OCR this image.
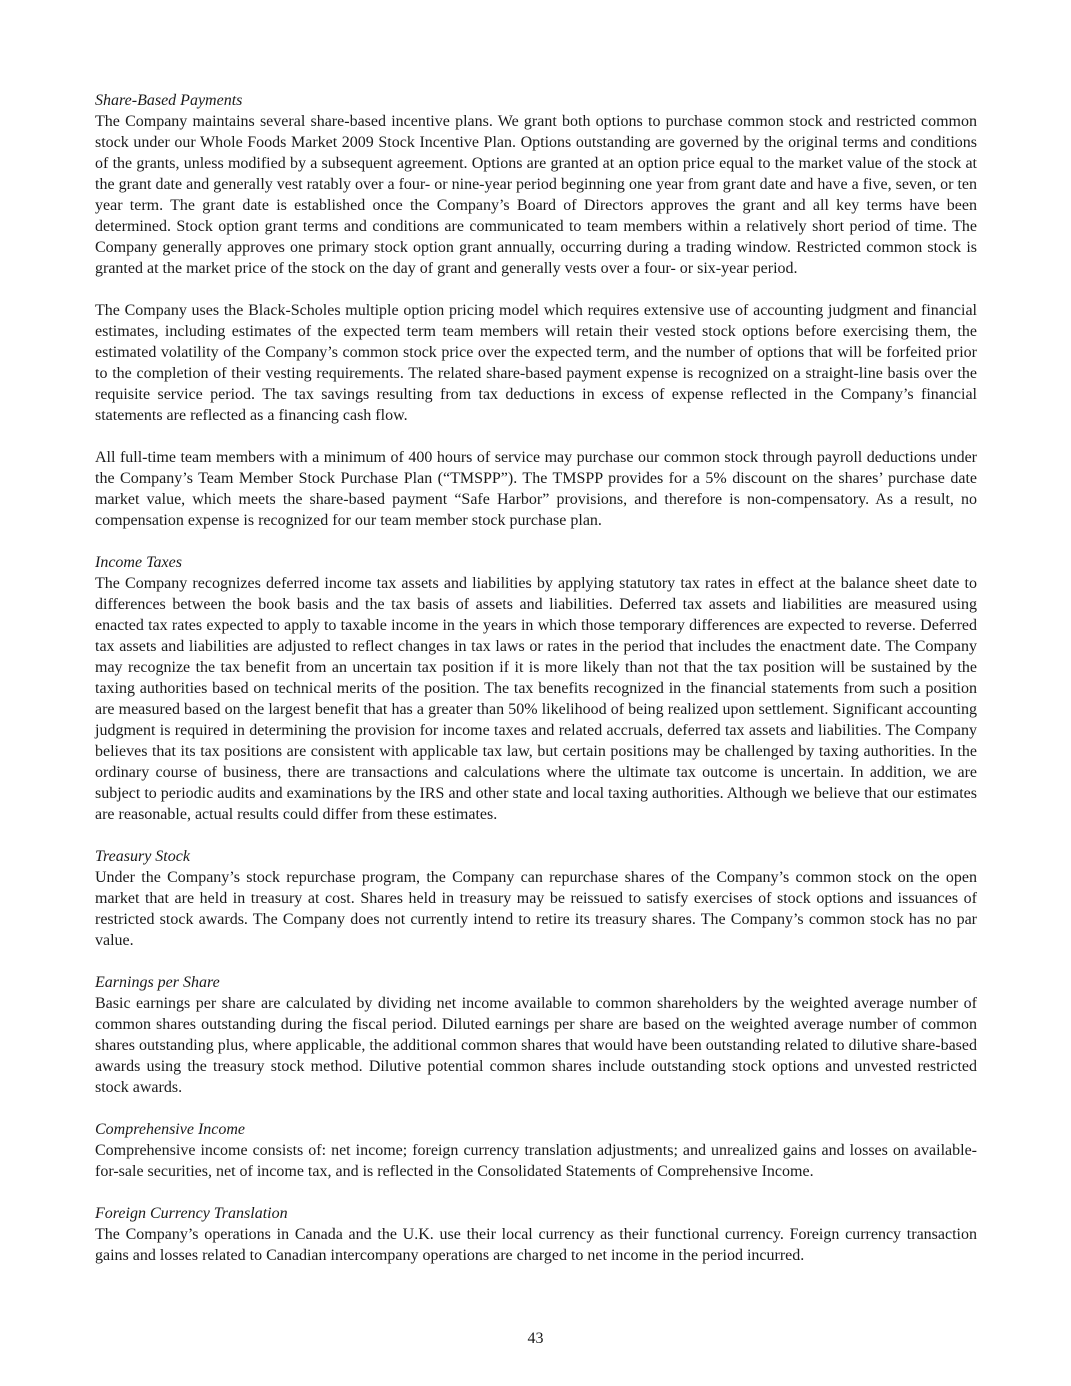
Share-Based Payments

The Company maintains several share-based incentive plans. We grant both options to purchase common stock and restricted common stock under our Whole Foods Market 2009 Stock Incentive Plan. Options outstanding are governed by the original terms and conditions of the grants, unless modified by a subsequent agreement. Options are granted at an option price equal to the market value of the stock at the grant date and generally vest ratably over a four- or nine-year period beginning one year from grant date and have a five, seven, or ten year term. The grant date is established once the Company’s Board of Directors approves the grant and all key terms have been determined. Stock option grant terms and conditions are communicated to team members within a relatively short period of time. The Company generally approves one primary stock option grant annually, occurring during a trading window. Restricted common stock is granted at the market price of the stock on the day of grant and generally vests over a four- or six-year period.

The Company uses the Black-Scholes multiple option pricing model which requires extensive use of accounting judgment and financial estimates, including estimates of the expected term team members will retain their vested stock options before exercising them, the estimated volatility of the Company’s common stock price over the expected term, and the number of options that will be forfeited prior to the completion of their vesting requirements. The related share-based payment expense is recognized on a straight-line basis over the requisite service period. The tax savings resulting from tax deductions in excess of expense reflected in the Company’s financial statements are reflected as a financing cash flow.

All full-time team members with a minimum of 400 hours of service may purchase our common stock through payroll deductions under the Company’s Team Member Stock Purchase Plan (“TMSPP”). The TMSPP provides for a 5% discount on the shares’ purchase date market value, which meets the share-based payment “Safe Harbor” provisions, and therefore is non-compensatory. As a result, no compensation expense is recognized for our team member stock purchase plan.

Income Taxes

The Company recognizes deferred income tax assets and liabilities by applying statutory tax rates in effect at the balance sheet date to differences between the book basis and the tax basis of assets and liabilities. Deferred tax assets and liabilities are measured using enacted tax rates expected to apply to taxable income in the years in which those temporary differences are expected to reverse. Deferred tax assets and liabilities are adjusted to reflect changes in tax laws or rates in the period that includes the enactment date. The Company may recognize the tax benefit from an uncertain tax position if it is more likely than not that the tax position will be sustained by the taxing authorities based on technical merits of the position. The tax benefits recognized in the financial statements from such a position are measured based on the largest benefit that has a greater than 50% likelihood of being realized upon settlement. Significant accounting judgment is required in determining the provision for income taxes and related accruals, deferred tax assets and liabilities. The Company believes that its tax positions are consistent with applicable tax law, but certain positions may be challenged by taxing authorities. In the ordinary course of business, there are transactions and calculations where the ultimate tax outcome is uncertain. In addition, we are subject to periodic audits and examinations by the IRS and other state and local taxing authorities. Although we believe that our estimates are reasonable, actual results could differ from these estimates.

Treasury Stock

Under the Company’s stock repurchase program, the Company can repurchase shares of the Company’s common stock on the open market that are held in treasury at cost. Shares held in treasury may be reissued to satisfy exercises of stock options and issuances of restricted stock awards. The Company does not currently intend to retire its treasury shares. The Company’s common stock has no par value.

Earnings per Share

Basic earnings per share are calculated by dividing net income available to common shareholders by the weighted average number of common shares outstanding during the fiscal period. Diluted earnings per share are based on the weighted average number of common shares outstanding plus, where applicable, the additional common shares that would have been outstanding related to dilutive share-based awards using the treasury stock method. Dilutive potential common shares include outstanding stock options and unvested restricted stock awards.

Comprehensive Income

Comprehensive income consists of: net income; foreign currency translation adjustments; and unrealized gains and losses on available-for-sale securities, net of income tax, and is reflected in the Consolidated Statements of Comprehensive Income.

Foreign Currency Translation

The Company’s operations in Canada and the U.K. use their local currency as their functional currency. Foreign currency transaction gains and losses related to Canadian intercompany operations are charged to net income in the period incurred.

43
